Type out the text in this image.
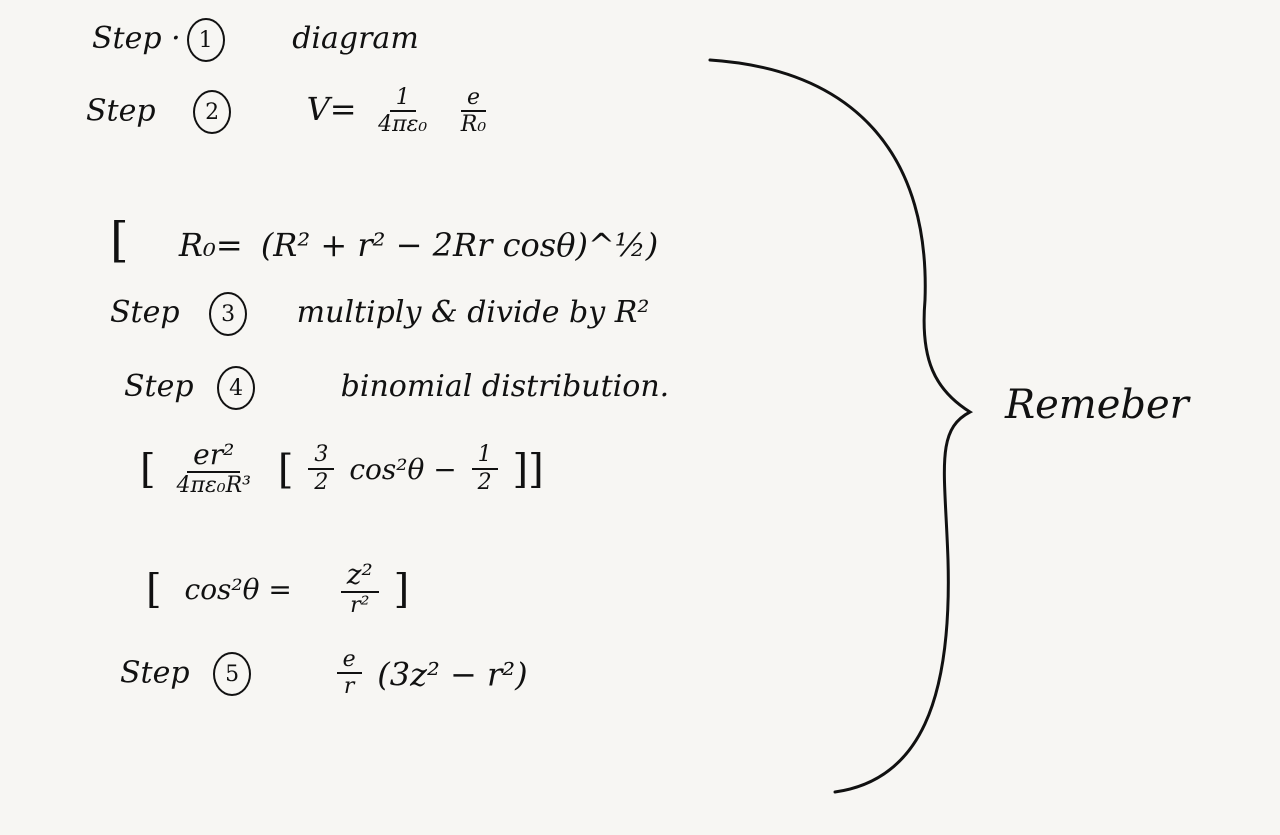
Step · 1	diagram
Step 2	$V= \frac{1}{\text{4πε₀}}$
$\frac{e}{\text{R₀}}$
[ R₀= (R² + r² − 2Rr cosθ)^½)
Step 3 multiply & divide by R²
Step 4	binomial distribution.
[ $\frac{\text{er²}}{\text{4πε₀R³}}$ [ $\frac{3}{2} \cos^2\theta - \frac{1}{2}$ ]]
[ $\cos^2\theta = \frac{\text{z²}}{\text{r²}}$ ]
Step 5	$\frac{e}{r} (3z^2 - r^2)$
Remeber
